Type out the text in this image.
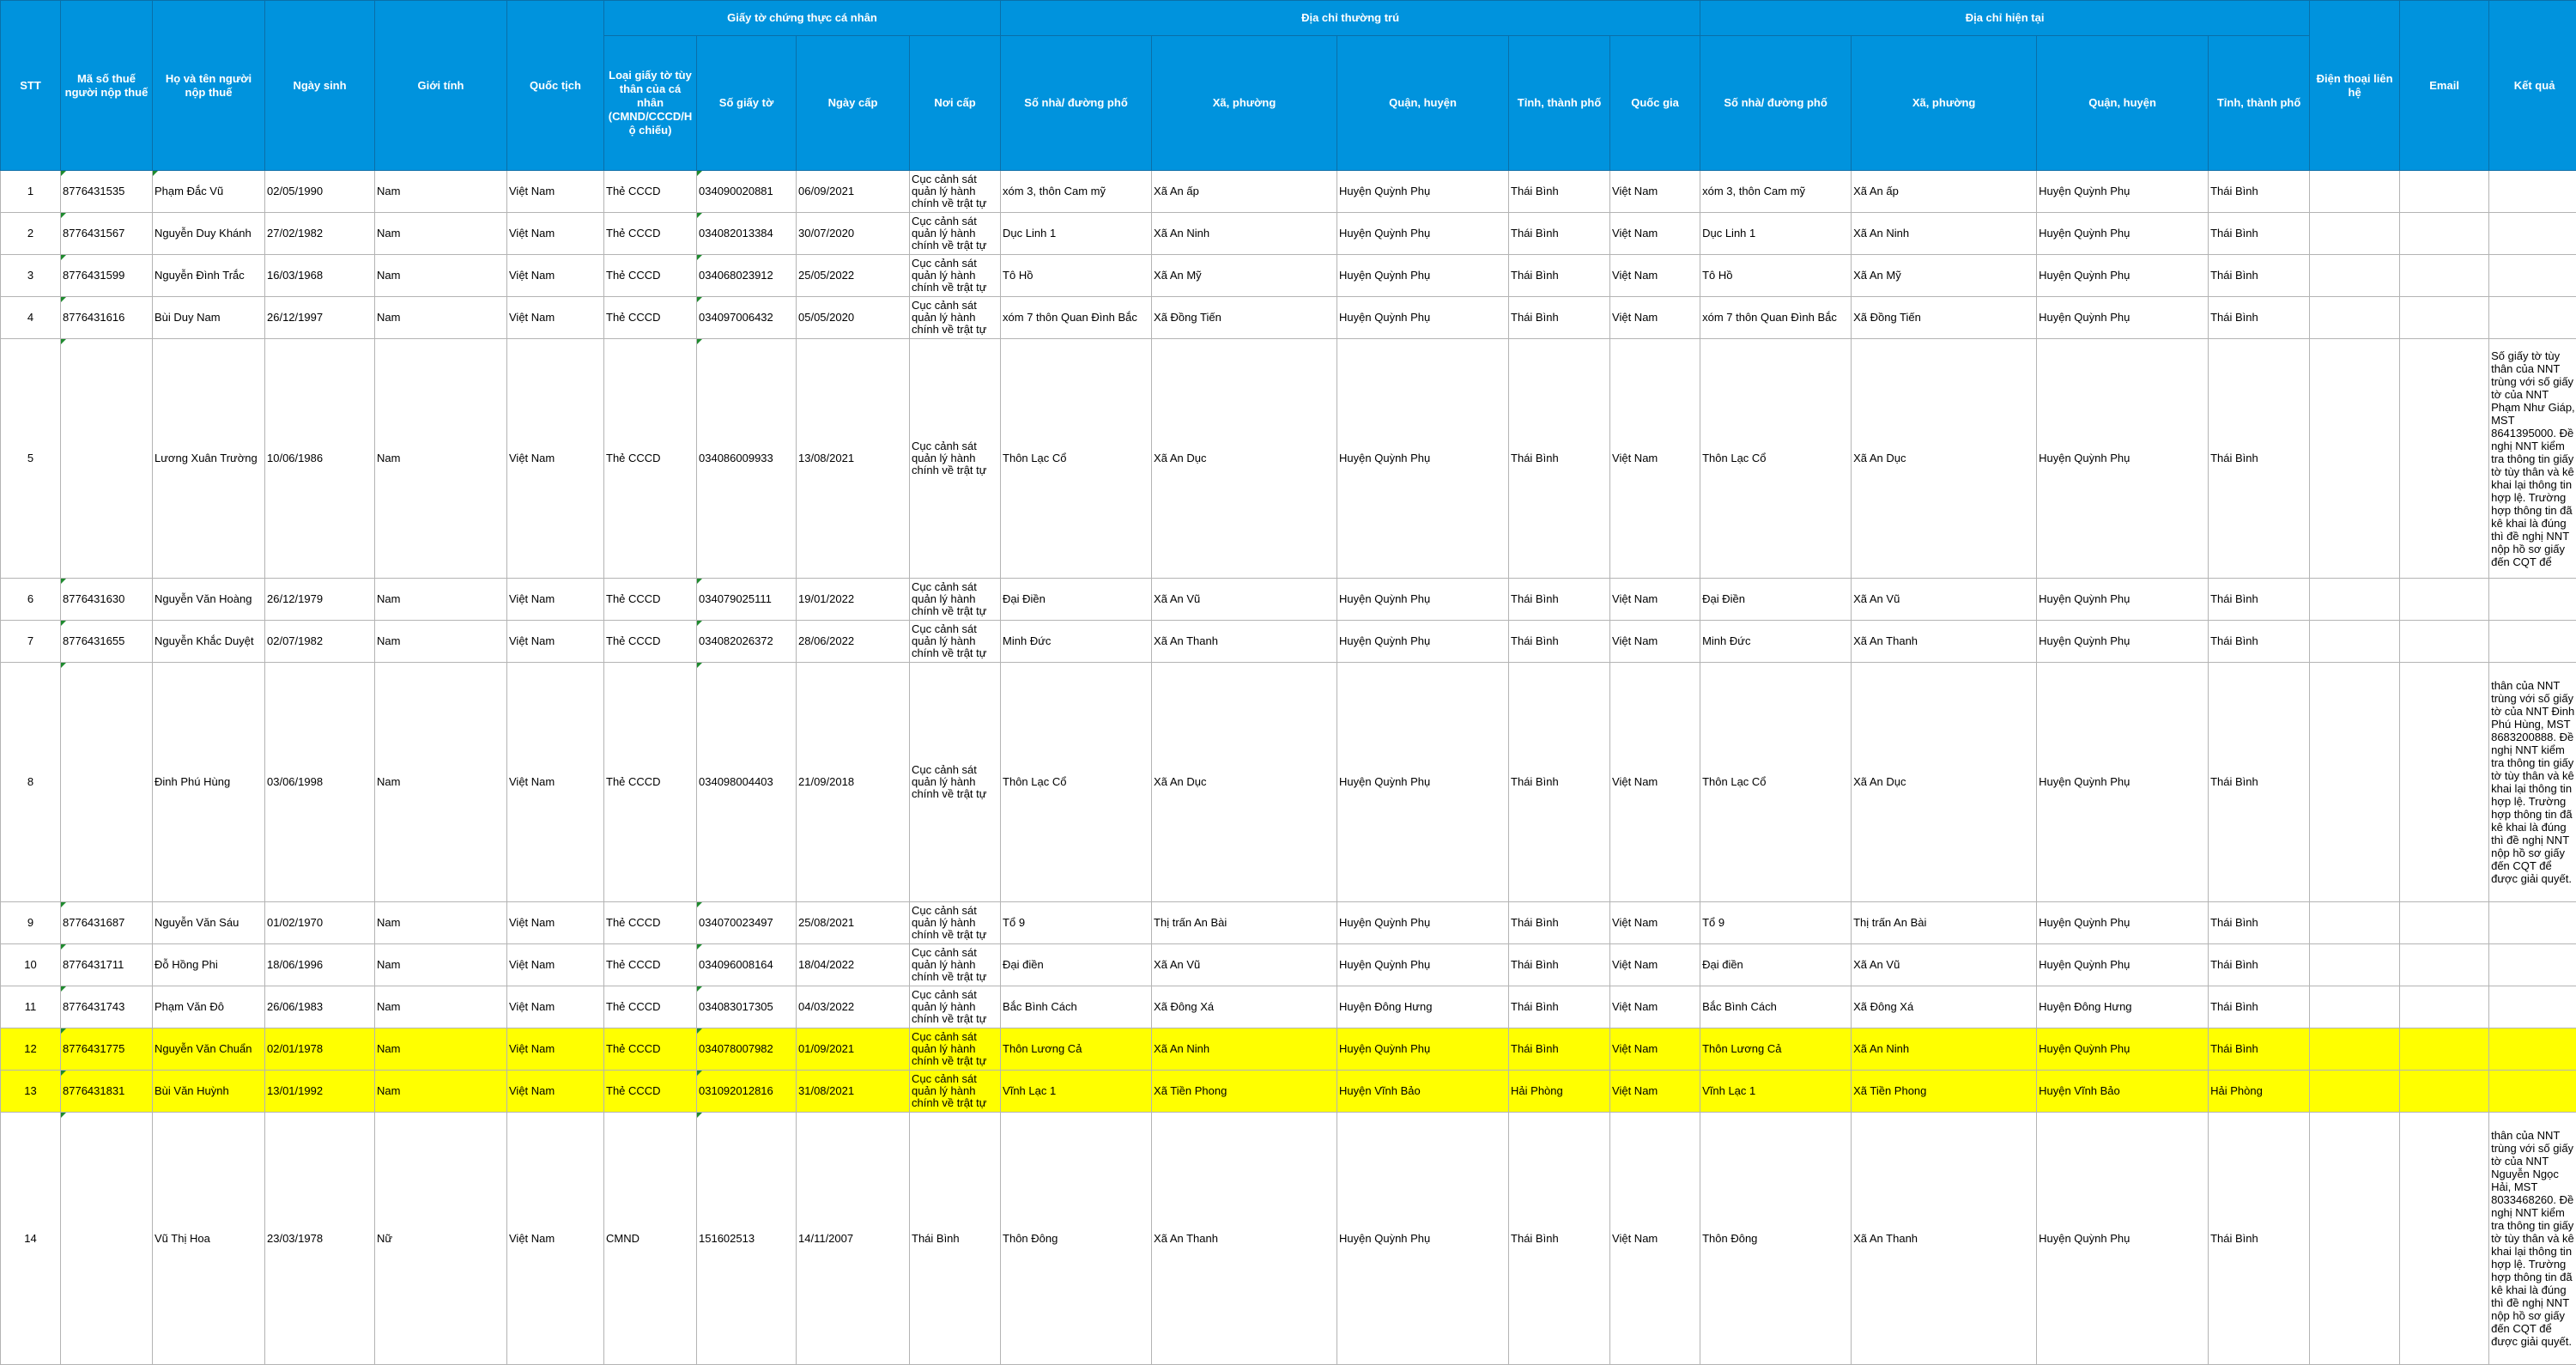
STT	Mã số thuế người nộp thuế	Họ và tên người nộp thuế	Ngày sinh	Giới tính	Quốc tịch	Giấy tờ chứng thực cá nhân				Địa chỉ thường trú					Địa chỉ hiện tại				Điện thoại liên hệ	Email	Kết quả
						Loại giấy tờ tùy thân của cá nhân (CMND/CCCD/Hộ chiếu)	Số giấy tờ	Ngày cấp	Nơi cấp	Số nhà/ đường phố	Xã, phường	Quận, huyện	Tỉnh, thành phố	Quốc gia	Số nhà/ đường phố	Xã, phường	Quận, huyện	Tỉnh, thành phố			
1	8776431535	Phạm Đắc Vũ	02/05/1990	Nam	Việt Nam	Thẻ CCCD	034090020881	06/09/2021	Cục cảnh sát quản lý hành chính về trật tự	xóm 3, thôn Cam mỹ	Xã An ấp	Huyện Quỳnh Phụ	Thái Bình	Việt Nam	xóm 3, thôn Cam mỹ	Xã An ấp	Huyện Quỳnh Phụ	Thái Bình			

2	8776431567	Nguyễn Duy Khánh	27/02/1982	Nam	Việt Nam	Thẻ CCCD	034082013384	30/07/2020	Cục cảnh sát quản lý hành chính về trật tự	Dục Linh 1	Xã An Ninh	Huyện Quỳnh Phụ	Thái Bình	Việt Nam	Dục Linh 1	Xã An Ninh	Huyện Quỳnh Phụ	Thái Bình			

3	8776431599	Nguyễn Đình Trắc	16/03/1968	Nam	Việt Nam	Thẻ CCCD	034068023912	25/05/2022	Cục cảnh sát quản lý hành chính về trật tự	Tô Hồ	Xã An Mỹ	Huyện Quỳnh Phụ	Thái Bình	Việt Nam	Tô Hồ	Xã An Mỹ	Huyện Quỳnh Phụ	Thái Bình			

4	8776431616	Bùi Duy Nam	26/12/1997	Nam	Việt Nam	Thẻ CCCD	034097006432	05/05/2020	Cục cảnh sát quản lý hành chính về trật tự	xóm 7 thôn Quan Đình Bắc	Xã Đồng Tiến	Huyện Quỳnh Phụ	Thái Bình	Việt Nam	xóm 7 thôn Quan Đình Bắc	Xã Đồng Tiến	Huyện Quỳnh Phụ	Thái Bình			

5		Lương Xuân Trường	10/06/1986	Nam	Việt Nam	Thẻ CCCD	034086009933	13/08/2021	Cục cảnh sát quản lý hành chính về trật tự	Thôn Lạc Cổ	Xã An Dục	Huyện Quỳnh Phụ	Thái Bình	Việt Nam	Thôn Lạc Cổ	Xã An Dục	Huyện Quỳnh Phụ	Thái Bình			Số giấy tờ tùy thân của NNT trùng với số giấy tờ của NNT Phạm Như Giáp, MST 8641395000. Đề nghị NNT kiểm tra thông tin giấy tờ tùy thân và kê khai lại thông tin hợp lệ. Trường hợp thông tin đã kê khai là đúng thì đề nghị NNT nộp hồ sơ giấy đến CQT để

6	8776431630	Nguyễn Văn Hoàng	26/12/1979	Nam	Việt Nam	Thẻ CCCD	034079025111	19/01/2022	Cục cảnh sát quản lý hành chính về trật tự	Đại Điền	Xã An Vũ	Huyện Quỳnh Phụ	Thái Bình	Việt Nam	Đại Điền	Xã An Vũ	Huyện Quỳnh Phụ	Thái Bình			

7	8776431655	Nguyễn Khắc Duyệt	02/07/1982	Nam	Việt Nam	Thẻ CCCD	034082026372	28/06/2022	Cục cảnh sát quản lý hành chính về trật tự	Minh Đức	Xã An Thanh	Huyện Quỳnh Phụ	Thái Bình	Việt Nam	Minh Đức	Xã An Thanh	Huyện Quỳnh Phụ	Thái Bình			

8		Đinh Phú Hùng	03/06/1998	Nam	Việt Nam	Thẻ CCCD	034098004403	21/09/2018	Cục cảnh sát quản lý hành chính về trật tự	Thôn Lạc Cổ	Xã An Dục	Huyện Quỳnh Phụ	Thái Bình	Việt Nam	Thôn Lạc Cổ	Xã An Dục	Huyện Quỳnh Phụ	Thái Bình			thân của NNT trùng với số giấy tờ của NNT Đinh Phú Hùng, MST 8683200888. Đề nghị NNT kiểm tra thông tin giấy tờ tùy thân và kê khai lại thông tin hợp lệ. Trường hợp thông tin đã kê khai là đúng thì đề nghị NNT nộp hồ sơ giấy đến CQT để được giải quyết.

9	8776431687	Nguyễn Văn Sáu	01/02/1970	Nam	Việt Nam	Thẻ CCCD	034070023497	25/08/2021	Cục cảnh sát quản lý hành chính về trật tự	Tổ 9	Thị trấn An Bài	Huyện Quỳnh Phụ	Thái Bình	Việt Nam	Tổ 9	Thị trấn An Bài	Huyện Quỳnh Phụ	Thái Bình			

10	8776431711	Đỗ Hồng Phi	18/06/1996	Nam	Việt Nam	Thẻ CCCD	034096008164	18/04/2022	Cục cảnh sát quản lý hành chính về trật tự	Đại điền	Xã An Vũ	Huyện Quỳnh Phụ	Thái Bình	Việt Nam	Đại điền	Xã An Vũ	Huyện Quỳnh Phụ	Thái Bình			

11	8776431743	Phạm Văn Đô	26/06/1983	Nam	Việt Nam	Thẻ CCCD	034083017305	04/03/2022	Cục cảnh sát quản lý hành chính về trật tự	Bắc Bình Cách	Xã Đông Xá	Huyện Đông Hưng	Thái Bình	Việt Nam	Bắc Bình Cách	Xã Đông Xá	Huyện Đông Hưng	Thái Bình			

12	8776431775	Nguyễn Văn Chuẩn	02/01/1978	Nam	Việt Nam	Thẻ CCCD	034078007982	01/09/2021	Cục cảnh sát quản lý hành chính về trật tự	Thôn Lương Cả	Xã An Ninh	Huyện Quỳnh Phụ	Thái Bình	Việt Nam	Thôn Lương Cả	Xã An Ninh	Huyện Quỳnh Phụ	Thái Bình			

13	8776431831	Bùi Văn Huỳnh	13/01/1992	Nam	Việt Nam	Thẻ CCCD	031092012816	31/08/2021	Cục cảnh sát quản lý hành chính về trật tự	Vĩnh Lạc 1	Xã Tiền Phong	Huyện Vĩnh Bảo	Hải Phòng	Việt Nam	Vĩnh Lạc 1	Xã Tiền Phong	Huyện Vĩnh Bảo	Hải Phòng			

14		Vũ Thị Hoa	23/03/1978	Nữ	Việt Nam	CMND	151602513	14/11/2007	Thái Bình	Thôn Đông	Xã An Thanh	Huyện Quỳnh Phụ	Thái Bình	Việt Nam	Thôn Đông	Xã An Thanh	Huyện Quỳnh Phụ	Thái Bình			thân của NNT trùng với số giấy tờ của NNT Nguyễn Ngọc Hải, MST 8033468260. Đề nghị NNT kiểm tra thông tin giấy tờ tùy thân và kê khai lại thông tin hợp lệ. Trường hợp thông tin đã kê khai là đúng thì đề nghị NNT nộp hồ sơ giấy đến CQT để được giải quyết.
